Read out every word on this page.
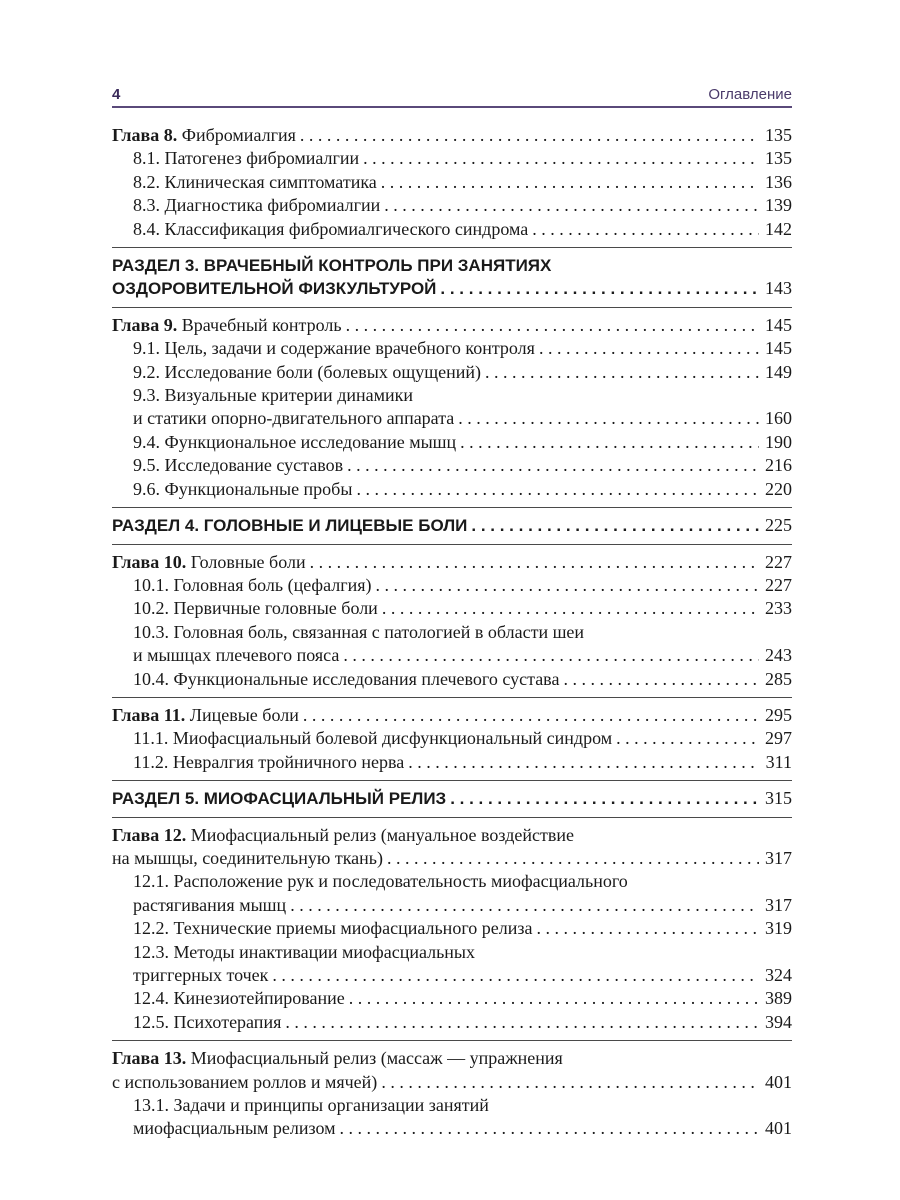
4	Оглавление
Глава 8. Фибромиалгия . . .	135
8.1. Патогенез фибромиалгии . . .	135
8.2. Клиническая симптоматика . . .	136
8.3. Диагностика фибромиалгии . . .	139
8.4. Классификация фибромиалгического синдрома . . .	142
РАЗДЕЛ 3. ВРАЧЕБНЫЙ КОНТРОЛЬ ПРИ ЗАНЯТИЯХ
ОЗДОРОВИТЕЛЬНОЙ ФИЗКУЛЬТУРОЙ . . .	143
Глава 9. Врачебный контроль . . .	145
9.1. Цель, задачи и содержание врачебного контроля . . .	145
9.2. Исследование боли (болевых ощущений) . . .	149
9.3. Визуальные критерии динамики
и статики опорно-двигательного аппарата . . .	160
9.4. Функциональное исследование мышц . . .	190
9.5. Исследование суставов . . .	216
9.6. Функциональные пробы . . .	220
РАЗДЕЛ 4. ГОЛОВНЫЕ И ЛИЦЕВЫЕ БОЛИ . . .	225
Глава 10. Головные боли . . .	227
10.1. Головная боль (цефалгия) . . .	227
10.2. Первичные головные боли . . .	233
10.3. Головная боль, связанная с патологией в области шеи
и мышцах плечевого пояса . . .	243
10.4. Функциональные исследования плечевого сустава . . .	285
Глава 11. Лицевые боли . . .	295
11.1. Миофасциальный болевой дисфункциональный синдром . . .	297
11.2. Невралгия тройничного нерва . . .	311
РАЗДЕЛ 5. МИОФАСЦИАЛЬНЫЙ РЕЛИЗ . . .	315
Глава 12. Миофасциальный релиз (мануальное воздействие
на мышцы, соединительную ткань) . . .	317
12.1. Расположение рук и последовательность миофасциального
растягивания мышц . . .	317
12.2. Технические приемы миофасциального релиза . . .	319
12.3. Методы инактивации миофасциальных
триггерных точек . . .	324
12.4. Кинезиотейпирование . . .	389
12.5. Психотерапия . . .	394
Глава 13. Миофасциальный релиз (массаж — упражнения
с использованием роллов и мячей) . . .	401
13.1. Задачи и принципы организации занятий
миофасциальным релизом . . .	401
